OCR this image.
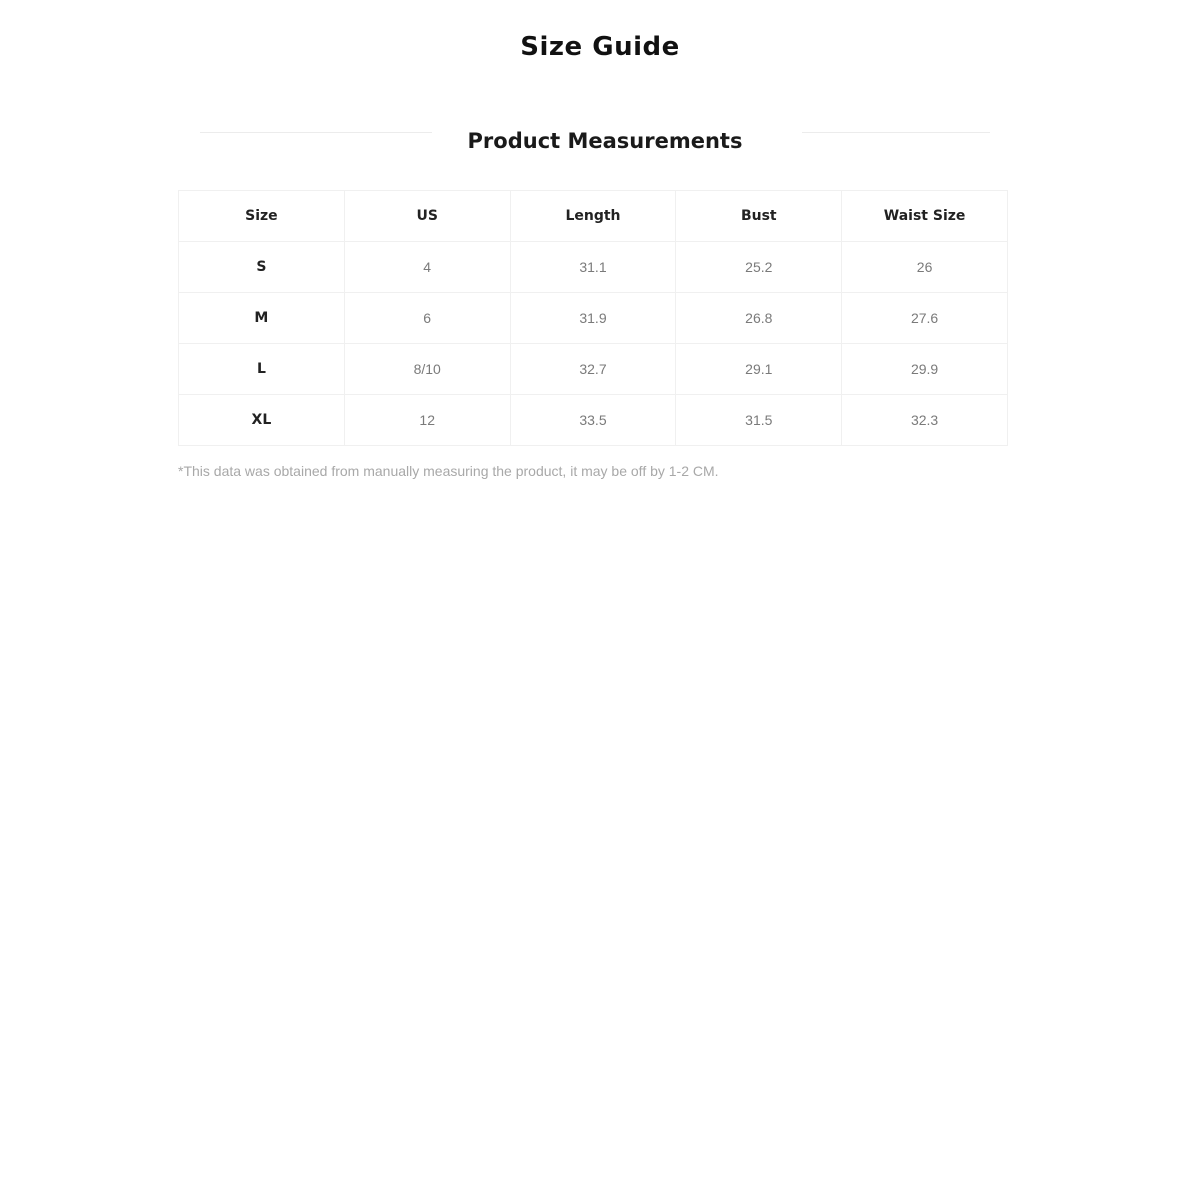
Size Guide
Product Measurements
Size	US	Length	Bust	Waist Size
S	4	31.1	25.2	26
M	6	31.9	26.8	27.6
L	8/10	32.7	29.1	29.9
XL	12	33.5	31.5	32.3

*This data was obtained from manually measuring the product, it may be off by 1-2 CM.
